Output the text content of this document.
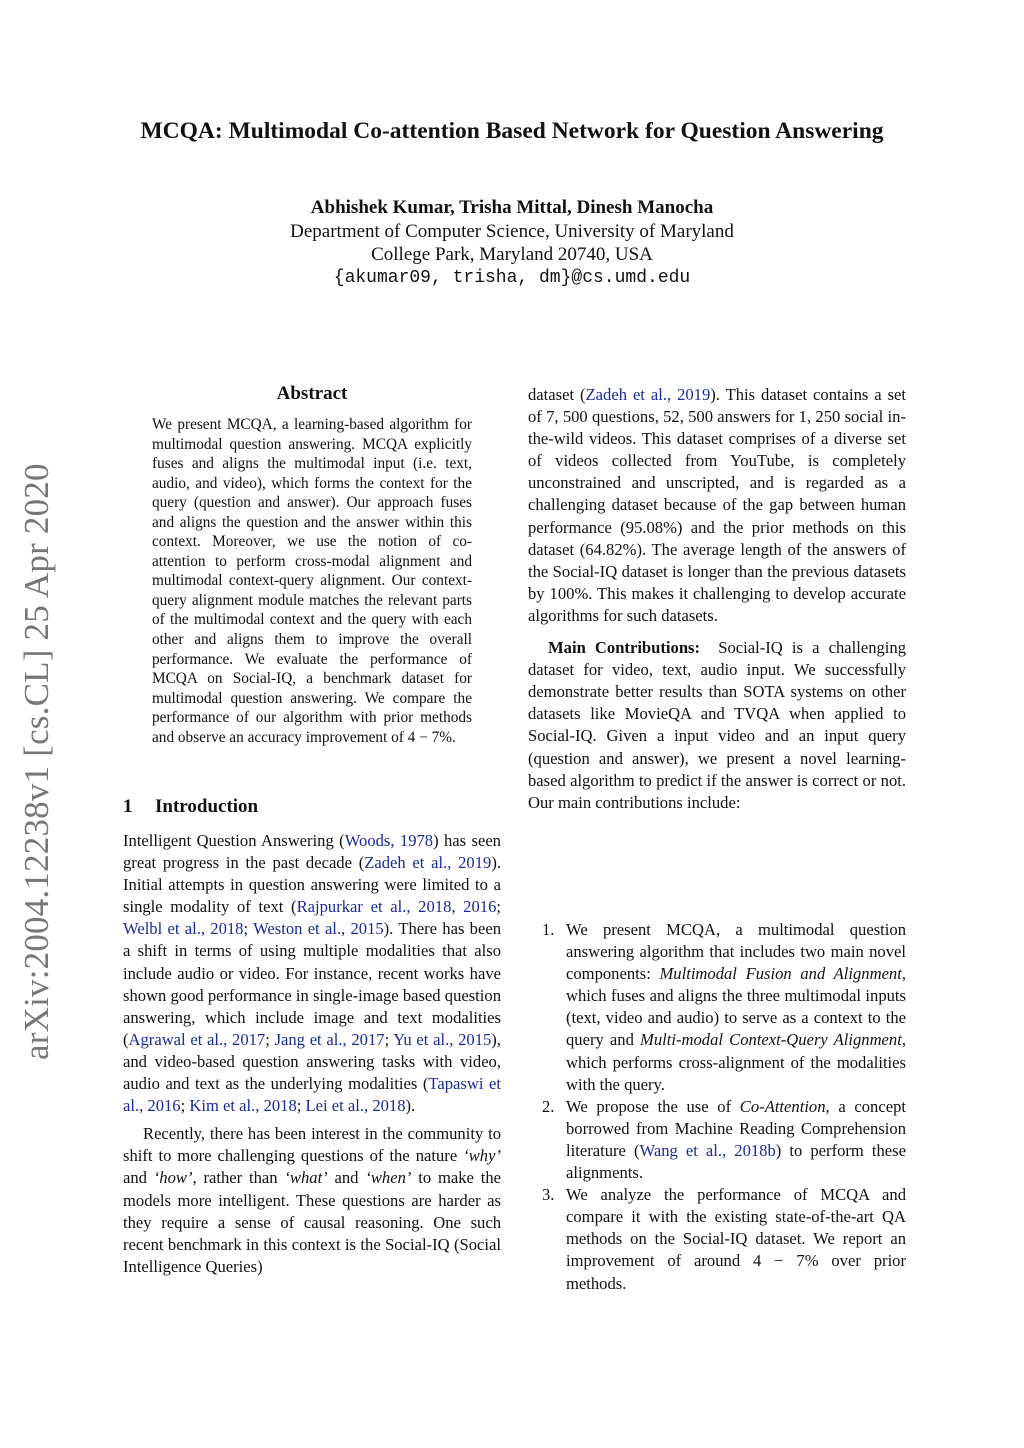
arXiv:2004.12238v1 [cs.CL] 25 Apr 2020
MCQA: Multimodal Co-attention Based Network for Question Answering
Abhishek Kumar, Trisha Mittal, Dinesh Manocha
Department of Computer Science, University of Maryland
College Park, Maryland 20740, USA
{akumar09, trisha, dm}@cs.umd.edu
Abstract
We present MCQA, a learning-based algorithm for multimodal question answering. MCQA explicitly fuses and aligns the multimodal input (i.e. text, audio, and video), which forms the context for the query (question and answer). Our approach fuses and aligns the question and the answer within this context. Moreover, we use the notion of co-attention to perform cross-modal alignment and multimodal context-query alignment. Our context-query alignment module matches the relevant parts of the multimodal context and the query with each other and aligns them to improve the overall performance. We evaluate the performance of MCQA on Social-IQ, a benchmark dataset for multimodal question answering. We compare the performance of our algorithm with prior methods and observe an accuracy improvement of 4 − 7%.
1 Introduction

Intelligent Question Answering (Woods, 1978) has seen great progress in the past decade (Zadeh et al., 2019). Initial attempts in question answering were limited to a single modality of text (Rajpurkar et al., 2018, 2016; Welbl et al., 2018; Weston et al., 2015). There has been a shift in terms of using multiple modalities that also include audio or video. For instance, recent works have shown good performance in single-image based question answering, which include image and text modalities (Agrawal et al., 2017; Jang et al., 2017; Yu et al., 2015), and video-based question answering tasks with video, audio and text as the underlying modalities (Tapaswi et al., 2016; Kim et al., 2018; Lei et al., 2018).

Recently, there has been interest in the community to shift to more challenging questions of the nature ‘why’ and ‘how’, rather than ‘what’ and ‘when’ to make the models more intelligent. These questions are harder as they require a sense of causal reasoning. One such recent benchmark in this context is the Social-IQ (Social Intelligence Queries)

dataset (Zadeh et al., 2019). This dataset contains a set of 7, 500 questions, 52, 500 answers for 1, 250 social in-the-wild videos. This dataset comprises of a diverse set of videos collected from YouTube, is completely unconstrained and unscripted, and is regarded as a challenging dataset because of the gap between human performance (95.08%) and the prior methods on this dataset (64.82%). The average length of the answers of the Social-IQ dataset is longer than the previous datasets by 100%. This makes it challenging to develop accurate algorithms for such datasets.

Main Contributions: Social-IQ is a challenging dataset for video, text, audio input. We successfully demonstrate better results than SOTA systems on other datasets like MovieQA and TVQA when applied to Social-IQ. Given a input video and an input query (question and answer), we present a novel learning-based algorithm to predict if the answer is correct or not. Our main contributions include:

1. We present MCQA, a multimodal question answering algorithm that includes two main novel components: Multimodal Fusion and Alignment, which fuses and aligns the three multimodal inputs (text, video and audio) to serve as a context to the query and Multi-modal Context-Query Alignment, which performs cross-alignment of the modalities with the query.
2. We propose the use of Co-Attention, a concept borrowed from Machine Reading Comprehension literature (Wang et al., 2018b) to perform these alignments.
3. We analyze the performance of MCQA and compare it with the existing state-of-the-art QA methods on the Social-IQ dataset. We report an improvement of around 4 − 7% over prior methods.
